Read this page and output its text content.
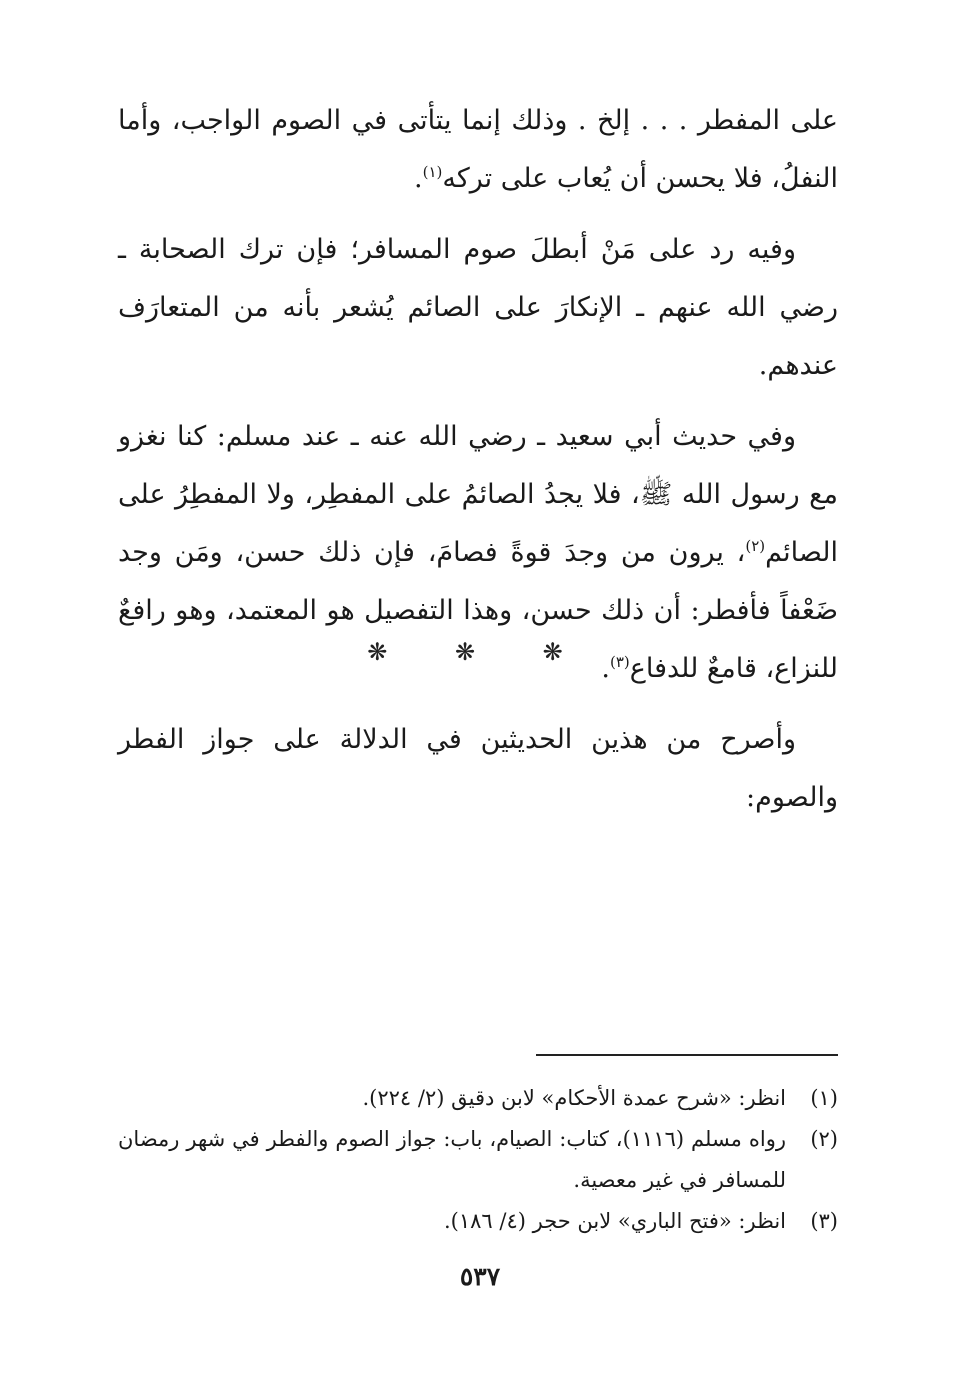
على المفطر . . . إلخ . وذلك إنما يتأتى في الصوم الواجب، وأما النفلُ، فلا يحسن أن يُعاب على تركه$^{(١)}$.

وفيه رد على مَنْ أبطلَ صوم المسافر؛ فإن ترك الصحابة ـ رضي الله عنهم ـ الإنكارَ على الصائم يُشعر بأنه من المتعارَف عندهم.

وفي حديث أبي سعيد ـ رضي الله عنه ـ عند مسلم: كنا نغزو مع رسول الله ﷺ، فلا يجدُ الصائمُ على المفطِر، ولا المفطِرُ على الصائم$^{(٢)}$، يرون من وجدَ قوةً فصامَ، فإن ذلك حسن، ومَن وجد ضَعْفاً فأفطر: أن ذلك حسن، وهذا التفصيل هو المعتمد، وهو رافعٌ للنزاع، قامعٌ للدفاع$^{(٣)}$.

وأصرح من هذين الحديثين في الدلالة على جواز الفطر والصوم:

❋ ❋ ❋
(١)
انظر: «شرح عمدة الأحكام» لابن دقيق (٢/ ٢٢٤).
(٢)
رواه مسلم (١١١٦)، كتاب: الصيام، باب: جواز الصوم والفطر في شهر رمضان للمسافر في غير معصية.
(٣)
انظر: «فتح الباري» لابن حجر (٤/ ١٨٦).
٥٣٧
